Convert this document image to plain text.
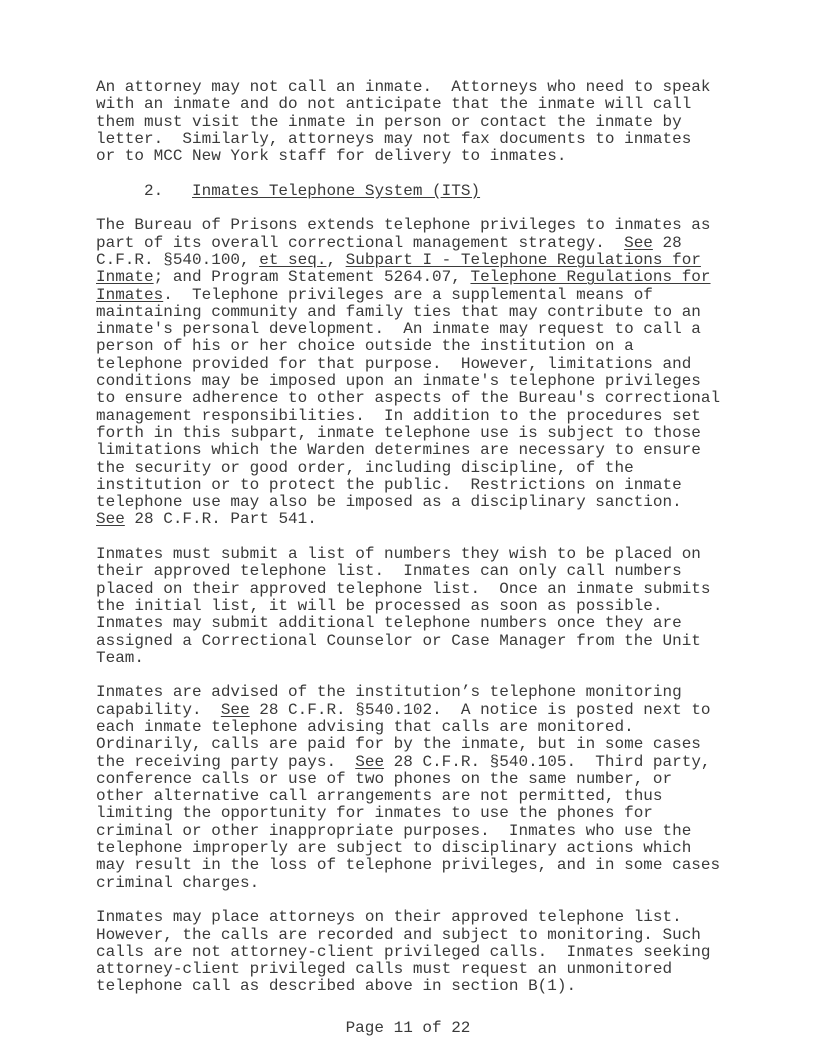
An attorney may not call an inmate.  Attorneys who need to speak
with an inmate and do not anticipate that the inmate will call
them must visit the inmate in person or contact the inmate by
letter.  Similarly, attorneys may not fax documents to inmates
or to MCC New York staff for delivery to inmates.
2.   Inmates Telephone System (ITS)
The Bureau of Prisons extends telephone privileges to inmates as
part of its overall correctional management strategy.  See 28
C.F.R. §540.100, et seq., Subpart I - Telephone Regulations for
Inmate; and Program Statement 5264.07, Telephone Regulations for
Inmates.  Telephone privileges are a supplemental means of
maintaining community and family ties that may contribute to an
inmate's personal development.  An inmate may request to call a
person of his or her choice outside the institution on a
telephone provided for that purpose.  However, limitations and
conditions may be imposed upon an inmate's telephone privileges
to ensure adherence to other aspects of the Bureau's correctional
management responsibilities.  In addition to the procedures set
forth in this subpart, inmate telephone use is subject to those
limitations which the Warden determines are necessary to ensure
the security or good order, including discipline, of the
institution or to protect the public.  Restrictions on inmate
telephone use may also be imposed as a disciplinary sanction.
See 28 C.F.R. Part 541.
Inmates must submit a list of numbers they wish to be placed on
their approved telephone list.  Inmates can only call numbers
placed on their approved telephone list.  Once an inmate submits
the initial list, it will be processed as soon as possible.
Inmates may submit additional telephone numbers once they are
assigned a Correctional Counselor or Case Manager from the Unit
Team.
Inmates are advised of the institution’s telephone monitoring
capability.  See 28 C.F.R. §540.102.  A notice is posted next to
each inmate telephone advising that calls are monitored.
Ordinarily, calls are paid for by the inmate, but in some cases
the receiving party pays.  See 28 C.F.R. §540.105.  Third party,
conference calls or use of two phones on the same number, or
other alternative call arrangements are not permitted, thus
limiting the opportunity for inmates to use the phones for
criminal or other inappropriate purposes.  Inmates who use the
telephone improperly are subject to disciplinary actions which
may result in the loss of telephone privileges, and in some cases
criminal charges.
Inmates may place attorneys on their approved telephone list.
However, the calls are recorded and subject to monitoring. Such
calls are not attorney-client privileged calls.  Inmates seeking
attorney-client privileged calls must request an unmonitored
telephone call as described above in section B(1).
Page 11 of 22
